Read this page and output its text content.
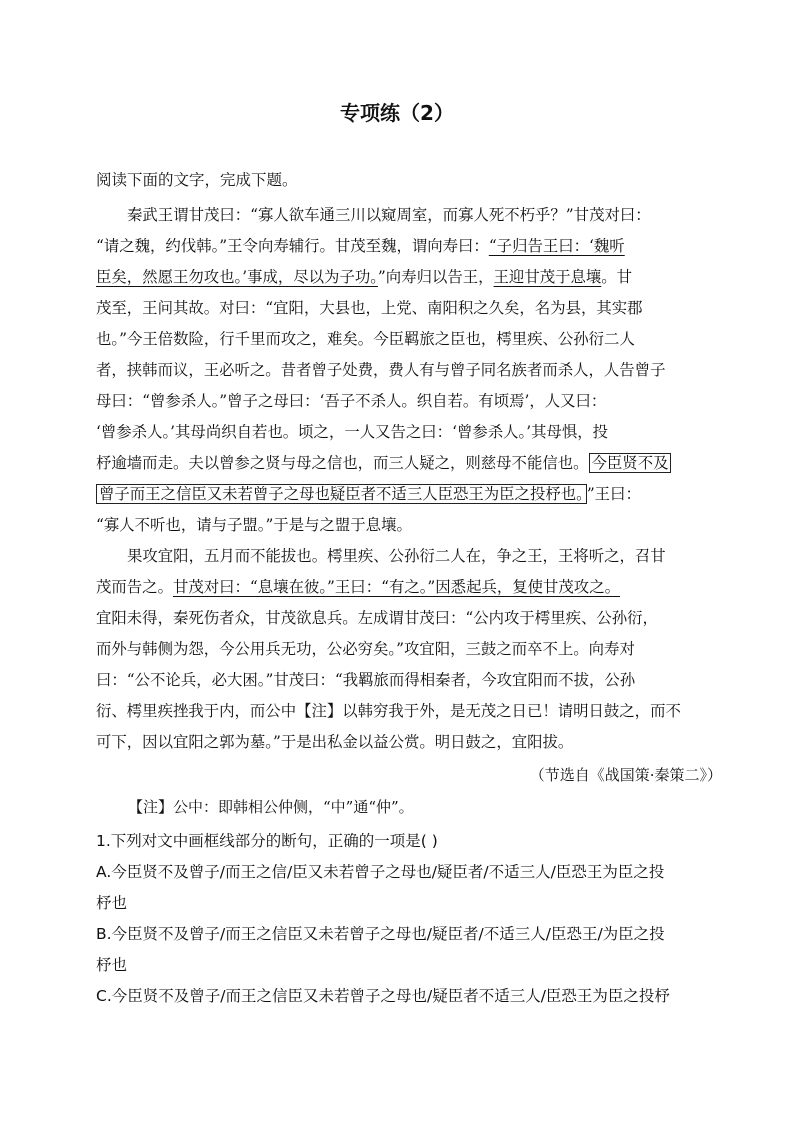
专项练（2）
阅读下面的文字，完成下题。
秦武王谓甘茂曰：“寡人欲车通三川以窥周室，而寡人死不朽乎？”甘茂对曰：
“请之魏，约伐韩。”王令向寿辅行。甘茂至魏，谓向寿曰：“子归告王曰：‘魏听
臣矣，然愿王勿攻也。’事成，尽以为子功。”向寿归以告王，王迎甘茂于息壤。甘
茂至，王问其故。对曰：“宜阳，大县也，上党、南阳积之久矣，名为县，其实郡
也。”今王倍数险，行千里而攻之，难矣。今臣羁旅之臣也，樗里疾、公孙衍二人
者，挟韩而议，王必听之。昔者曾子处费，费人有与曾子同名族者而杀人，人告曾子
母曰：“曾参杀人。”曾子之母曰：‘吾子不杀人。织自若。有顷焉’，人又曰：
‘曾参杀人。’其母尚织自若也。顷之，一人又告之曰：‘曾参杀人。’其母惧，投
杼逾墙而走。夫以曾参之贤与母之信也，而三人疑之，则慈母不能信也。 今臣贤不及
曾子而王之信臣又未若曾子之母也疑臣者不适三人臣恐王为臣之投杼也。 ”王曰：
“寡人不听也，请与子盟。”于是与之盟于息壤。
果攻宜阳，五月而不能拔也。樗里疾、公孙衍二人在，争之王，王将听之，召甘
茂而告之。甘茂对曰：“息壤在彼。”王曰：“有之。”因悉起兵，复使甘茂攻之。
宜阳未得，秦死伤者众，甘茂欲息兵。左成谓甘茂曰：“公内攻于樗里疾、公孙衍，
而外与韩侧为怨，今公用兵无功，公必穷矣。”攻宜阳，三鼓之而卒不上。向寿对
曰：“公不论兵，必大困。”甘茂曰：“我羁旅而得相秦者，今攻宜阳而不拔，公孙
衍、樗里疾挫我于内，而公中【注】以韩穷我于外，是无茂之日已！请明日鼓之，而不
可下，因以宜阳之郭为墓。”于是出私金以益公赏。明日鼓之，宜阳拔。
（节选自《战国策·秦策二》）
【注】公中：即韩相公仲侧，“中”通“仲”。
1.下列对文中画框线部分的断句，正确的一项是( )
A.今臣贤不及曾子/而王之信/臣又未若曾子之母也/疑臣者/不适三人/臣恐王为臣之投
杼也
B.今臣贤不及曾子/而王之信臣又未若曾子之母也/疑臣者/不适三人/臣恐王/为臣之投
杼也
C.今臣贤不及曾子/而王之信臣又未若曾子之母也/疑臣者不适三人/臣恐王为臣之投杼
